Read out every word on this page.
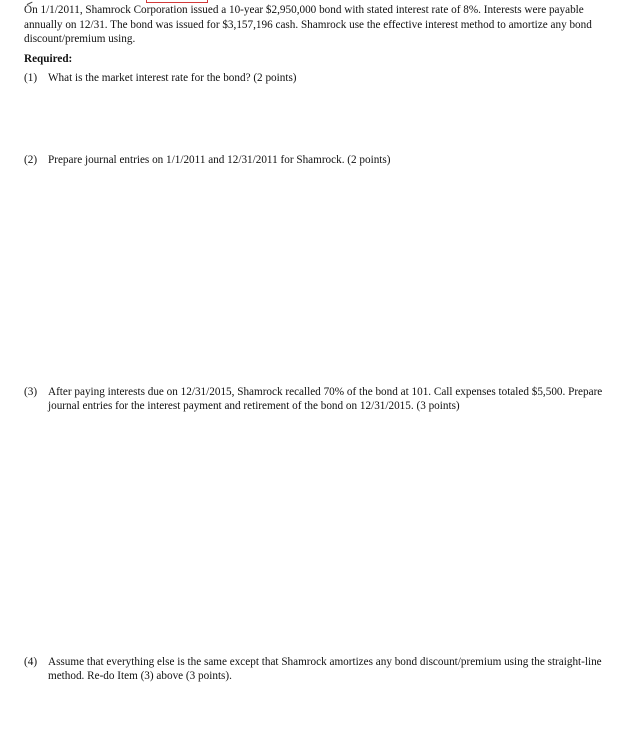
On 1/1/2011, Shamrock Corporation issued a 10-year $2,950,000 bond with stated interest rate of 8%. Interests were payable
annually on 12/31. The bond was issued for $3,157,196 cash. Shamrock use the effective interest method to amortize any bond
discount/premium using.
Required:
(1) What is the market interest rate for the bond? (2 points)
(2) Prepare journal entries on 1/1/2011 and 12/31/2011 for Shamrock. (2 points)
(3) After paying interests due on 12/31/2015, Shamrock recalled 70% of the bond at 101. Call expenses totaled $5,500. Prepare
journal entries for the interest payment and retirement of the bond on 12/31/2015. (3 points)
(4) Assume that everything else is the same except that Shamrock amortizes any bond discount/premium using the straight-line
method. Re-do Item (3) above (3 points).
